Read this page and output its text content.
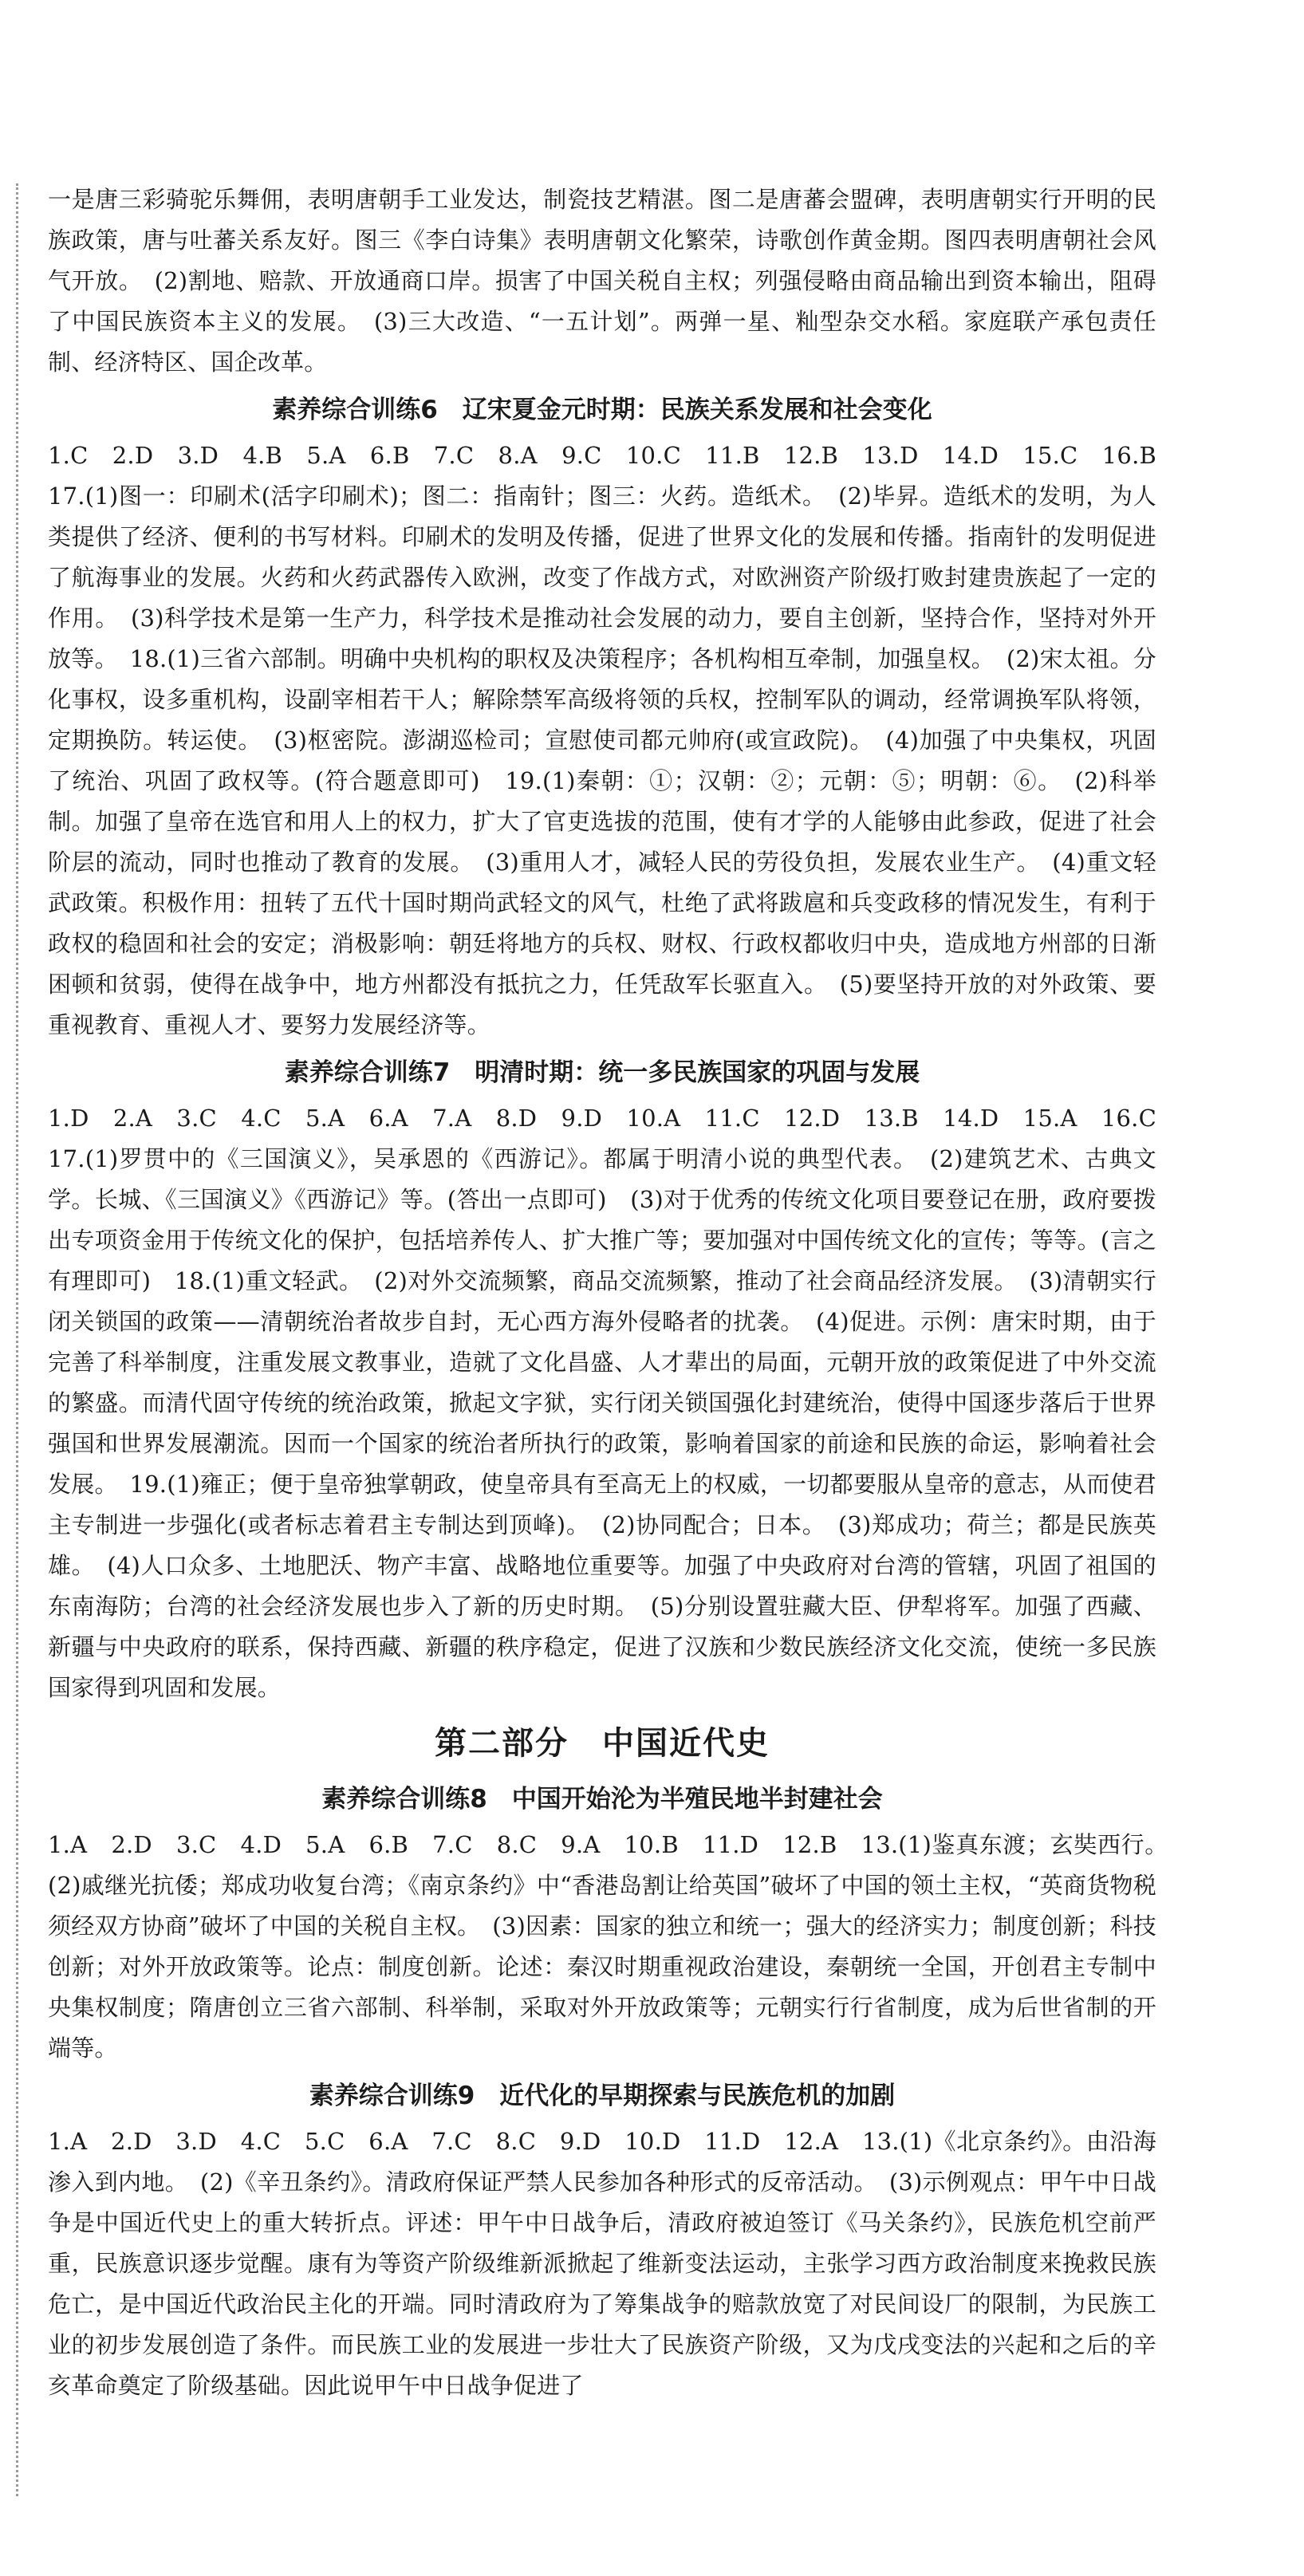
一是唐三彩骑驼乐舞佣，表明唐朝手工业发达，制瓷技艺精湛。图二是唐蕃会盟碑，表明唐朝实行开明的民族政策，唐与吐蕃关系友好。图三《李白诗集》表明唐朝文化繁荣，诗歌创作黄金期。图四表明唐朝社会风气开放。　(2)割地、赔款、开放通商口岸。损害了中国关税自主权；列强侵略由商品输出到资本输出，阻碍了中国民族资本主义的发展。　(3)三大改造、“一五计划”。两弹一星、籼型杂交水稻。家庭联产承包责任制、经济特区、国企改革。

素养综合训练6　辽宋夏金元时期：民族关系发展和社会变化

1.C　2.D　3.D　4.B　5.A　6.B　7.C　8.A　9.C　10.C　11.B　12.B　13.D　14.D　15.C　16.B　17.(1)图一：印刷术(活字印刷术)；图二：指南针；图三：火药。造纸术。　(2)毕昇。造纸术的发明，为人类提供了经济、便利的书写材料。印刷术的发明及传播，促进了世界文化的发展和传播。指南针的发明促进了航海事业的发展。火药和火药武器传入欧洲，改变了作战方式，对欧洲资产阶级打败封建贵族起了一定的作用。　(3)科学技术是第一生产力，科学技术是推动社会发展的动力，要自主创新，坚持合作，坚持对外开放等。　18.(1)三省六部制。明确中央机构的职权及决策程序；各机构相互牵制，加强皇权。　(2)宋太祖。分化事权，设多重机构，设副宰相若干人；解除禁军高级将领的兵权，控制军队的调动，经常调换军队将领，定期换防。转运使。　(3)枢密院。澎湖巡检司；宣慰使司都元帅府(或宣政院)。　(4)加强了中央集权，巩固了统治、巩固了政权等。(符合题意即可)　19.(1)秦朝：①；汉朝：②；元朝：⑤；明朝：⑥。　(2)科举制。加强了皇帝在选官和用人上的权力，扩大了官吏选拔的范围，使有才学的人能够由此参政，促进了社会阶层的流动，同时也推动了教育的发展。　(3)重用人才，减轻人民的劳役负担，发展农业生产。　(4)重文轻武政策。积极作用：扭转了五代十国时期尚武轻文的风气，杜绝了武将跋扈和兵变政移的情况发生，有利于政权的稳固和社会的安定；消极影响：朝廷将地方的兵权、财权、行政权都收归中央，造成地方州部的日渐困顿和贫弱，使得在战争中，地方州都没有抵抗之力，任凭敌军长驱直入。　(5)要坚持开放的对外政策、要重视教育、重视人才、要努力发展经济等。

素养综合训练7　明清时期：统一多民族国家的巩固与发展

1.D　2.A　3.C　4.C　5.A　6.A　7.A　8.D　9.D　10.A　11.C　12.D　13.B　14.D　15.A　16.C　17.(1)罗贯中的《三国演义》，吴承恩的《西游记》。都属于明清小说的典型代表。　(2)建筑艺术、古典文学。长城、《三国演义》《西游记》等。(答出一点即可)　(3)对于优秀的传统文化项目要登记在册，政府要拨出专项资金用于传统文化的保护，包括培养传人、扩大推广等；要加强对中国传统文化的宣传；等等。(言之有理即可)　18.(1)重文轻武。　(2)对外交流频繁，商品交流频繁，推动了社会商品经济发展。　(3)清朝实行闭关锁国的政策——清朝统治者故步自封，无心西方海外侵略者的扰袭。　(4)促进。示例：唐宋时期，由于完善了科举制度，注重发展文教事业，造就了文化昌盛、人才辈出的局面，元朝开放的政策促进了中外交流的繁盛。而清代固守传统的统治政策，掀起文字狱，实行闭关锁国强化封建统治，使得中国逐步落后于世界强国和世界发展潮流。因而一个国家的统治者所执行的政策，影响着国家的前途和民族的命运，影响着社会发展。　19.(1)雍正；便于皇帝独掌朝政，使皇帝具有至高无上的权威，一切都要服从皇帝的意志，从而使君主专制进一步强化(或者标志着君主专制达到顶峰)。　(2)协同配合；日本。　(3)郑成功；荷兰；都是民族英雄。　(4)人口众多、土地肥沃、物产丰富、战略地位重要等。加强了中央政府对台湾的管辖，巩固了祖国的东南海防；台湾的社会经济发展也步入了新的历史时期。　(5)分别设置驻藏大臣、伊犁将军。加强了西藏、新疆与中央政府的联系，保持西藏、新疆的秩序稳定，促进了汉族和少数民族经济文化交流，使统一多民族国家得到巩固和发展。

第二部分　中国近代史
素养综合训练8　中国开始沦为半殖民地半封建社会

1.A　2.D　3.C　4.D　5.A　6.B　7.C　8.C　9.A　10.B　11.D　12.B　13.(1)鉴真东渡；玄奘西行。　(2)戚继光抗倭；郑成功收复台湾；《南京条约》中“香港岛割让给英国”破坏了中国的领土主权，“英商货物税须经双方协商”破坏了中国的关税自主权。　(3)因素：国家的独立和统一；强大的经济实力；制度创新；科技创新；对外开放政策等。论点：制度创新。论述：秦汉时期重视政治建设，秦朝统一全国，开创君主专制中央集权制度；隋唐创立三省六部制、科举制，采取对外开放政策等；元朝实行行省制度，成为后世省制的开端等。

素养综合训练9　近代化的早期探索与民族危机的加剧

1.A　2.D　3.D　4.C　5.C　6.A　7.C　8.C　9.D　10.D　11.D　12.A　13.(1)《北京条约》。由沿海渗入到内地。　(2)《辛丑条约》。清政府保证严禁人民参加各种形式的反帝活动。　(3)示例观点：甲午中日战争是中国近代史上的重大转折点。评述：甲午中日战争后，清政府被迫签订《马关条约》，民族危机空前严重，民族意识逐步觉醒。康有为等资产阶级维新派掀起了维新变法运动，主张学习西方政治制度来挽救民族危亡，是中国近代政治民主化的开端。同时清政府为了筹集战争的赔款放宽了对民间设厂的限制，为民族工业的初步发展创造了条件。而民族工业的发展进一步壮大了民族资产阶级，又为戊戌变法的兴起和之后的辛亥革命奠定了阶级基础。因此说甲午中日战争促进了
